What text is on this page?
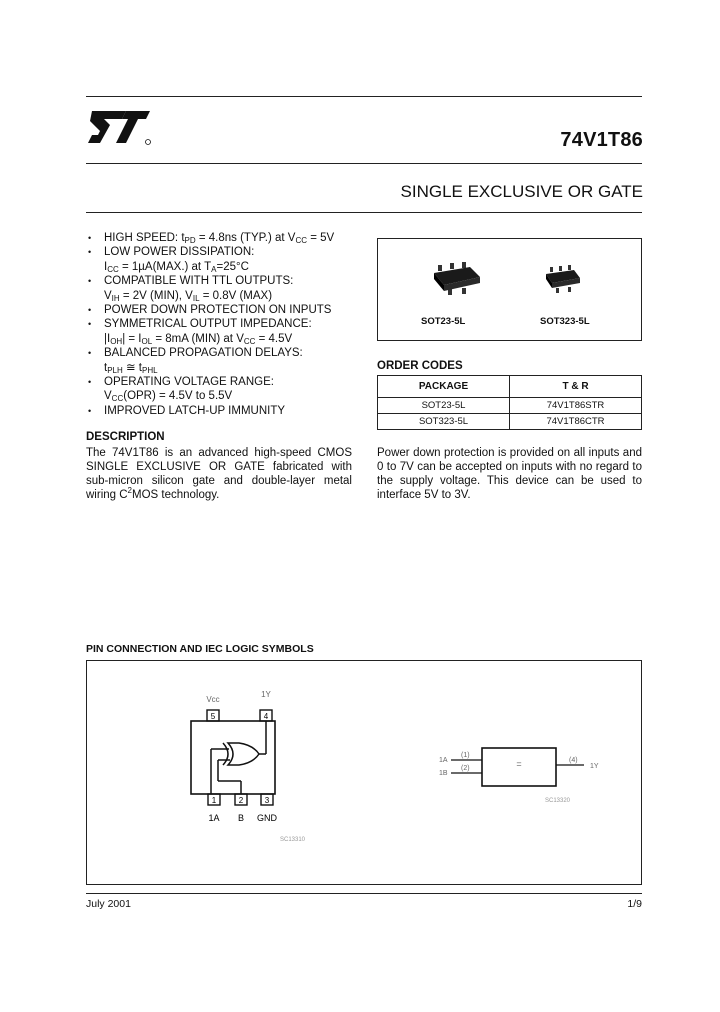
74V1T86
SINGLE EXCLUSIVE OR GATE
• HIGH SPEED: $t_{PD} = 4.8ns$ (TYP.) at $V_{CC} = 5V$
• LOW POWER DISSIPATION:
$I_{CC} = 1\mu A(MAX.)$ at $T_A=25^\circ C$
• COMPATIBLE WITH TTL OUTPUTS:
$V_{IH} = 2V$ (MIN), $V_{IL} = 0.8V$ (MAX)
• POWER DOWN PROTECTION ON INPUTS
• SYMMETRICAL OUTPUT IMPEDANCE:
$|I_{OH}| = I_{OL} = 8mA$ (MIN) at $V_{CC} = 4.5V$
• BALANCED PROPAGATION DELAYS:
$t_{PLH}$ ≅ $t_{PHL}$
• OPERATING VOLTAGE RANGE:
$V_{CC}(OPR) = 4.5V$ to 5.5V
• IMPROVED LATCH-UP IMMUNITY
SOT23-5L	SOT323-5L
ORDER CODES
PACKAGE	T & R
SOT23-5L	74V1T86STR
SOT323-5L	74V1T86CTR
DESCRIPTION
The 74V1T86 is an advanced high-speed CMOS SINGLE EXCLUSIVE OR GATE fabricated with sub-micron silicon gate and double-layer metal wiring $C^2MOS$ technology.
Power down protection is provided on all inputs and 0 to 7V can be accepted on inputs with no regard to the supply voltage. This device can be used to interface 5V to 3V.
PIN CONNECTION AND IEC LOGIC SYMBOLS
5	4
Vcc
1Y
1	2	3
1A B GND
SC13310
(1)
(2)
1A
1B
=	(4)
1Y
SC13320
July 2001	1/9
